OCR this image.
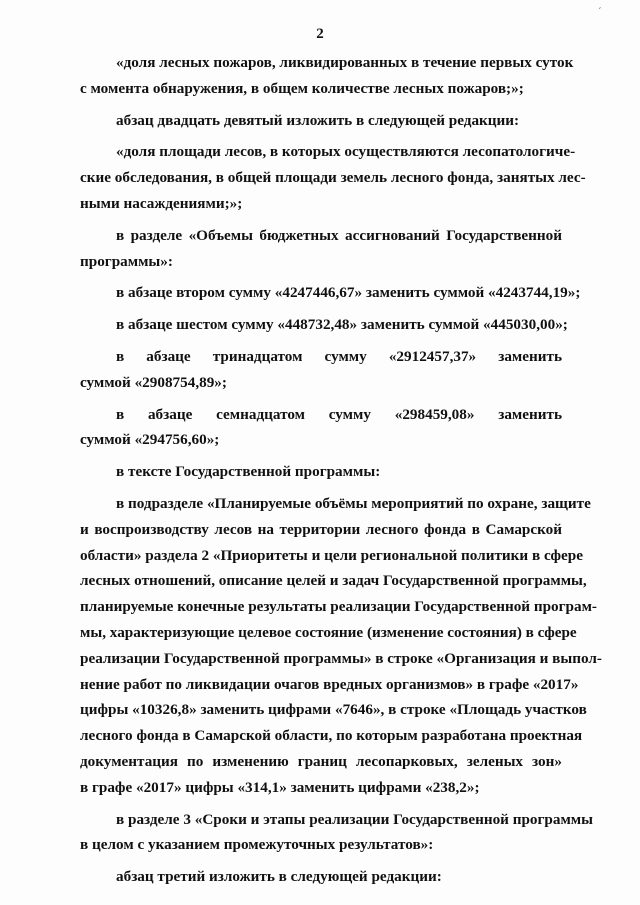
ˊ
2
«доля лесных пожаров, ликвидированных в течение первых суток
с момента обнаружения, в общем количестве лесных пожаров;»;
абзац двадцать девятый изложить в следующей редакции:
«доля площади лесов, в которых осуществляются лесопатологиче-
ские обследования, в общей площади земель лесного фонда, занятых лес-
ными насаждениями;»;
в разделе «Объемы бюджетных ассигнований Государственной
программы»:
в абзаце втором сумму «4247446,67» заменить суммой «4243744,19»;
в абзаце шестом сумму «448732,48» заменить суммой «445030,00»;
в абзаце тринадцатом сумму «2912457,37» заменить
суммой «2908754,89»;
в абзаце семнадцатом сумму «298459,08» заменить
суммой «294756,60»;
в тексте Государственной программы:
в подразделе «Планируемые объёмы мероприятий по охране, защите
и воспроизводству лесов на территории лесного фонда в Самарской
области» раздела 2 «Приоритеты и цели региональной политики в сфере
лесных отношений, описание целей и задач Государственной программы,
планируемые конечные результаты реализации Государственной програм-
мы, характеризующие целевое состояние (изменение состояния) в сфере
реализации Государственной программы» в строке «Организация и выпол-
нение работ по ликвидации очагов вредных организмов» в графе «2017»
цифры «10326,8» заменить цифрами «7646», в строке «Площадь участков
лесного фонда в Самарской области, по которым разработана проектная
документация по изменению границ лесопарковых, зеленых зон»
в графе «2017» цифры «314,1» заменить цифрами «238,2»;
в разделе 3 «Сроки и этапы реализации Государственной программы
в целом с указанием промежуточных результатов»:
абзац третий изложить в следующей редакции:
